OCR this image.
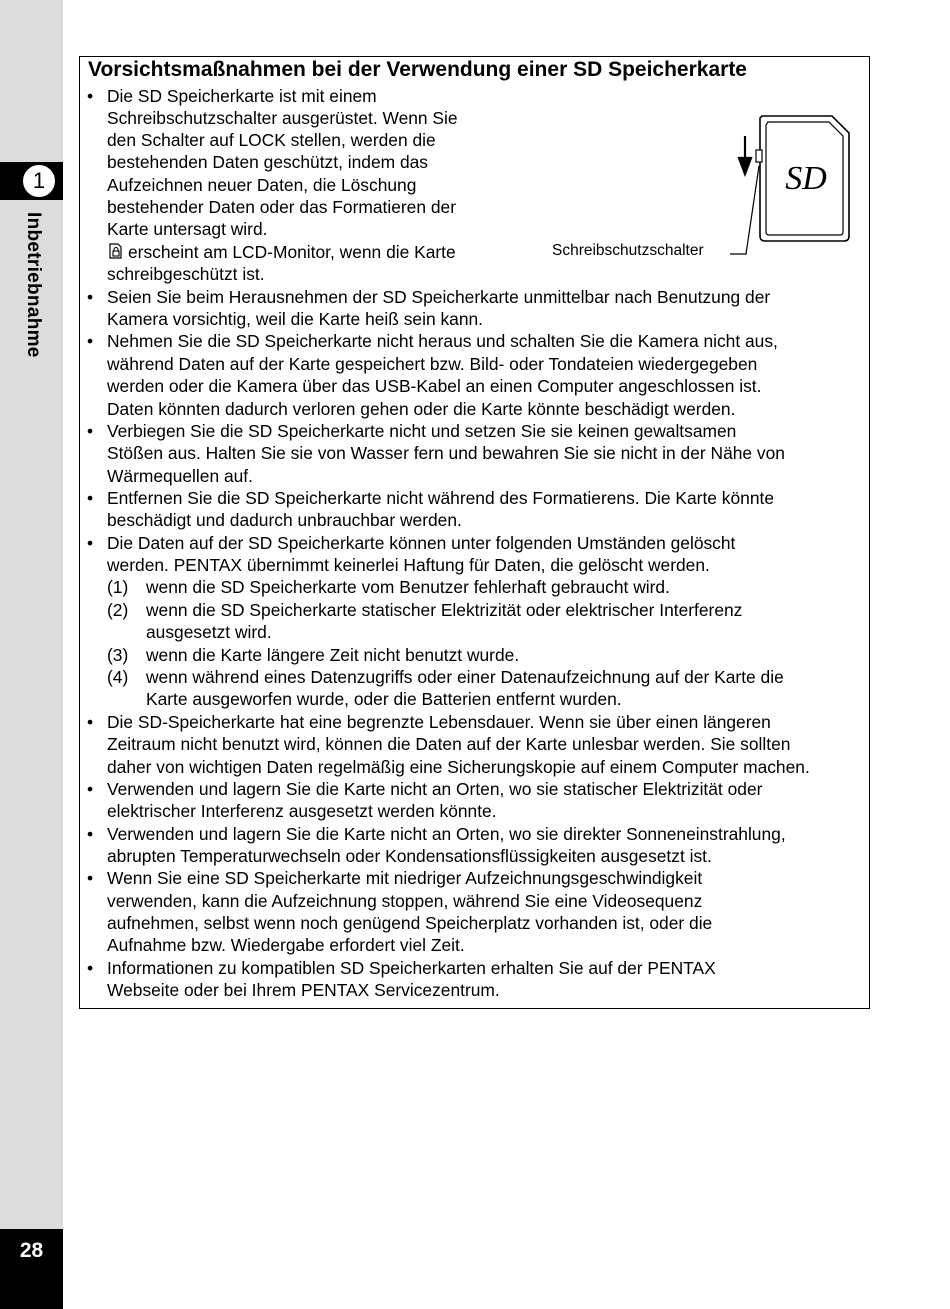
1
Inbetriebnahme
28
Vorsichtsmaßnahmen bei der Verwendung einer SD Speicherkarte
• Die SD Speicherkarte ist mit einem
Schreibschutzschalter ausgerüstet. Wenn Sie
den Schalter auf LOCK stellen, werden die
bestehenden Daten geschützt, indem das
Aufzeichnen neuer Daten, die Löschung
bestehender Daten oder das Formatieren der
Karte untersagt wird.
erscheint am LCD-Monitor, wenn die Karte
schreibgeschützt ist.
SD
Schreibschutzschalter
• Seien Sie beim Herausnehmen der SD Speicherkarte unmittelbar nach Benutzung der
Kamera vorsichtig, weil die Karte heiß sein kann.
• Nehmen Sie die SD Speicherkarte nicht heraus und schalten Sie die Kamera nicht aus,
während Daten auf der Karte gespeichert bzw. Bild- oder Tondateien wiedergegeben
werden oder die Kamera über das USB-Kabel an einen Computer angeschlossen ist.
Daten könnten dadurch verloren gehen oder die Karte könnte beschädigt werden.
• Verbiegen Sie die SD Speicherkarte nicht und setzen Sie sie keinen gewaltsamen
Stößen aus. Halten Sie sie von Wasser fern und bewahren Sie sie nicht in der Nähe von
Wärmequellen auf.
• Entfernen Sie die SD Speicherkarte nicht während des Formatierens. Die Karte könnte
beschädigt und dadurch unbrauchbar werden.
• Die Daten auf der SD Speicherkarte können unter folgenden Umständen gelöscht
werden. PENTAX übernimmt keinerlei Haftung für Daten, die gelöscht werden.
(1) wenn die SD Speicherkarte vom Benutzer fehlerhaft gebraucht wird.
(2) wenn die SD Speicherkarte statischer Elektrizität oder elektrischer Interferenz
ausgesetzt wird.
(3) wenn die Karte längere Zeit nicht benutzt wurde.
(4) wenn während eines Datenzugriffs oder einer Datenaufzeichnung auf der Karte die
Karte ausgeworfen wurde, oder die Batterien entfernt wurden.
• Die SD-Speicherkarte hat eine begrenzte Lebensdauer. Wenn sie über einen längeren
Zeitraum nicht benutzt wird, können die Daten auf der Karte unlesbar werden. Sie sollten
daher von wichtigen Daten regelmäßig eine Sicherungskopie auf einem Computer machen.
• Verwenden und lagern Sie die Karte nicht an Orten, wo sie statischer Elektrizität oder
elektrischer Interferenz ausgesetzt werden könnte.
• Verwenden und lagern Sie die Karte nicht an Orten, wo sie direkter Sonneneinstrahlung,
abrupten Temperaturwechseln oder Kondensationsflüssigkeiten ausgesetzt ist.
• Wenn Sie eine SD Speicherkarte mit niedriger Aufzeichnungsgeschwindigkeit
verwenden, kann die Aufzeichnung stoppen, während Sie eine Videosequenz
aufnehmen, selbst wenn noch genügend Speicherplatz vorhanden ist, oder die
Aufnahme bzw. Wiedergabe erfordert viel Zeit.
• Informationen zu kompatiblen SD Speicherkarten erhalten Sie auf der PENTAX
Webseite oder bei Ihrem PENTAX Servicezentrum.
